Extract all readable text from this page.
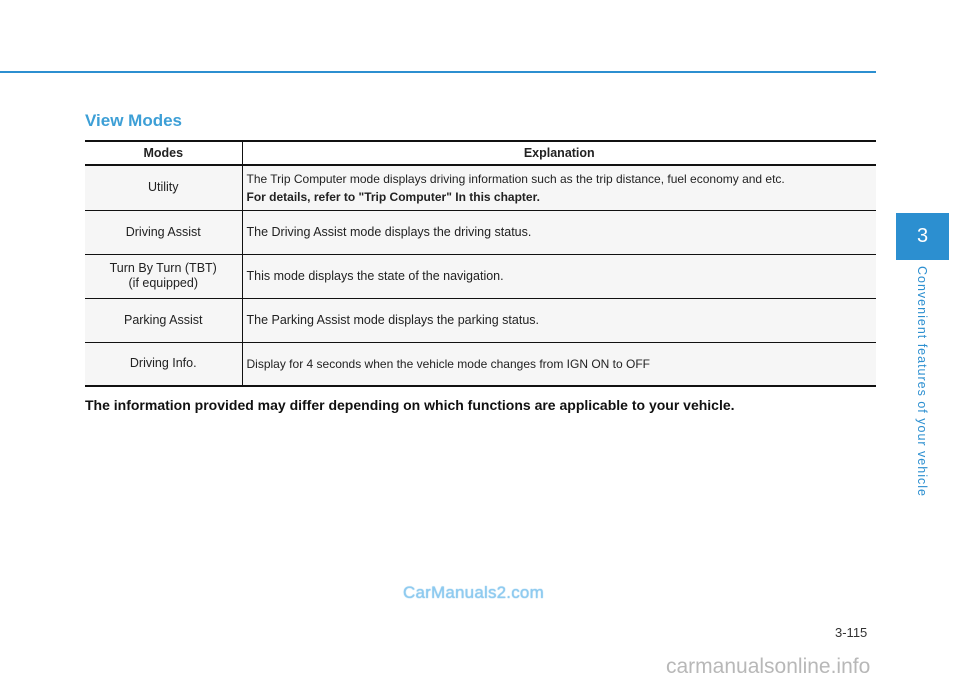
View Modes
Modes	Explanation
Utility	The Trip Computer mode displays driving information such as the trip distance, fuel economy and etc.
For details, refer to "Trip Computer" In this chapter.

Driving Assist	The Driving Assist mode displays the driving status.

Turn By Turn (TBT)
(if equipped)	This mode displays the state of the navigation.
Parking Assist	The Parking Assist mode displays the parking status.
Driving Info.	Display for 4 seconds when the vehicle mode changes from IGN ON to OFF
The information provided may differ depending on which functions are applicable to your vehicle.
3
Convenient features of your vehicle
CarManuals2.com
3-115
carmanualsonline.info
